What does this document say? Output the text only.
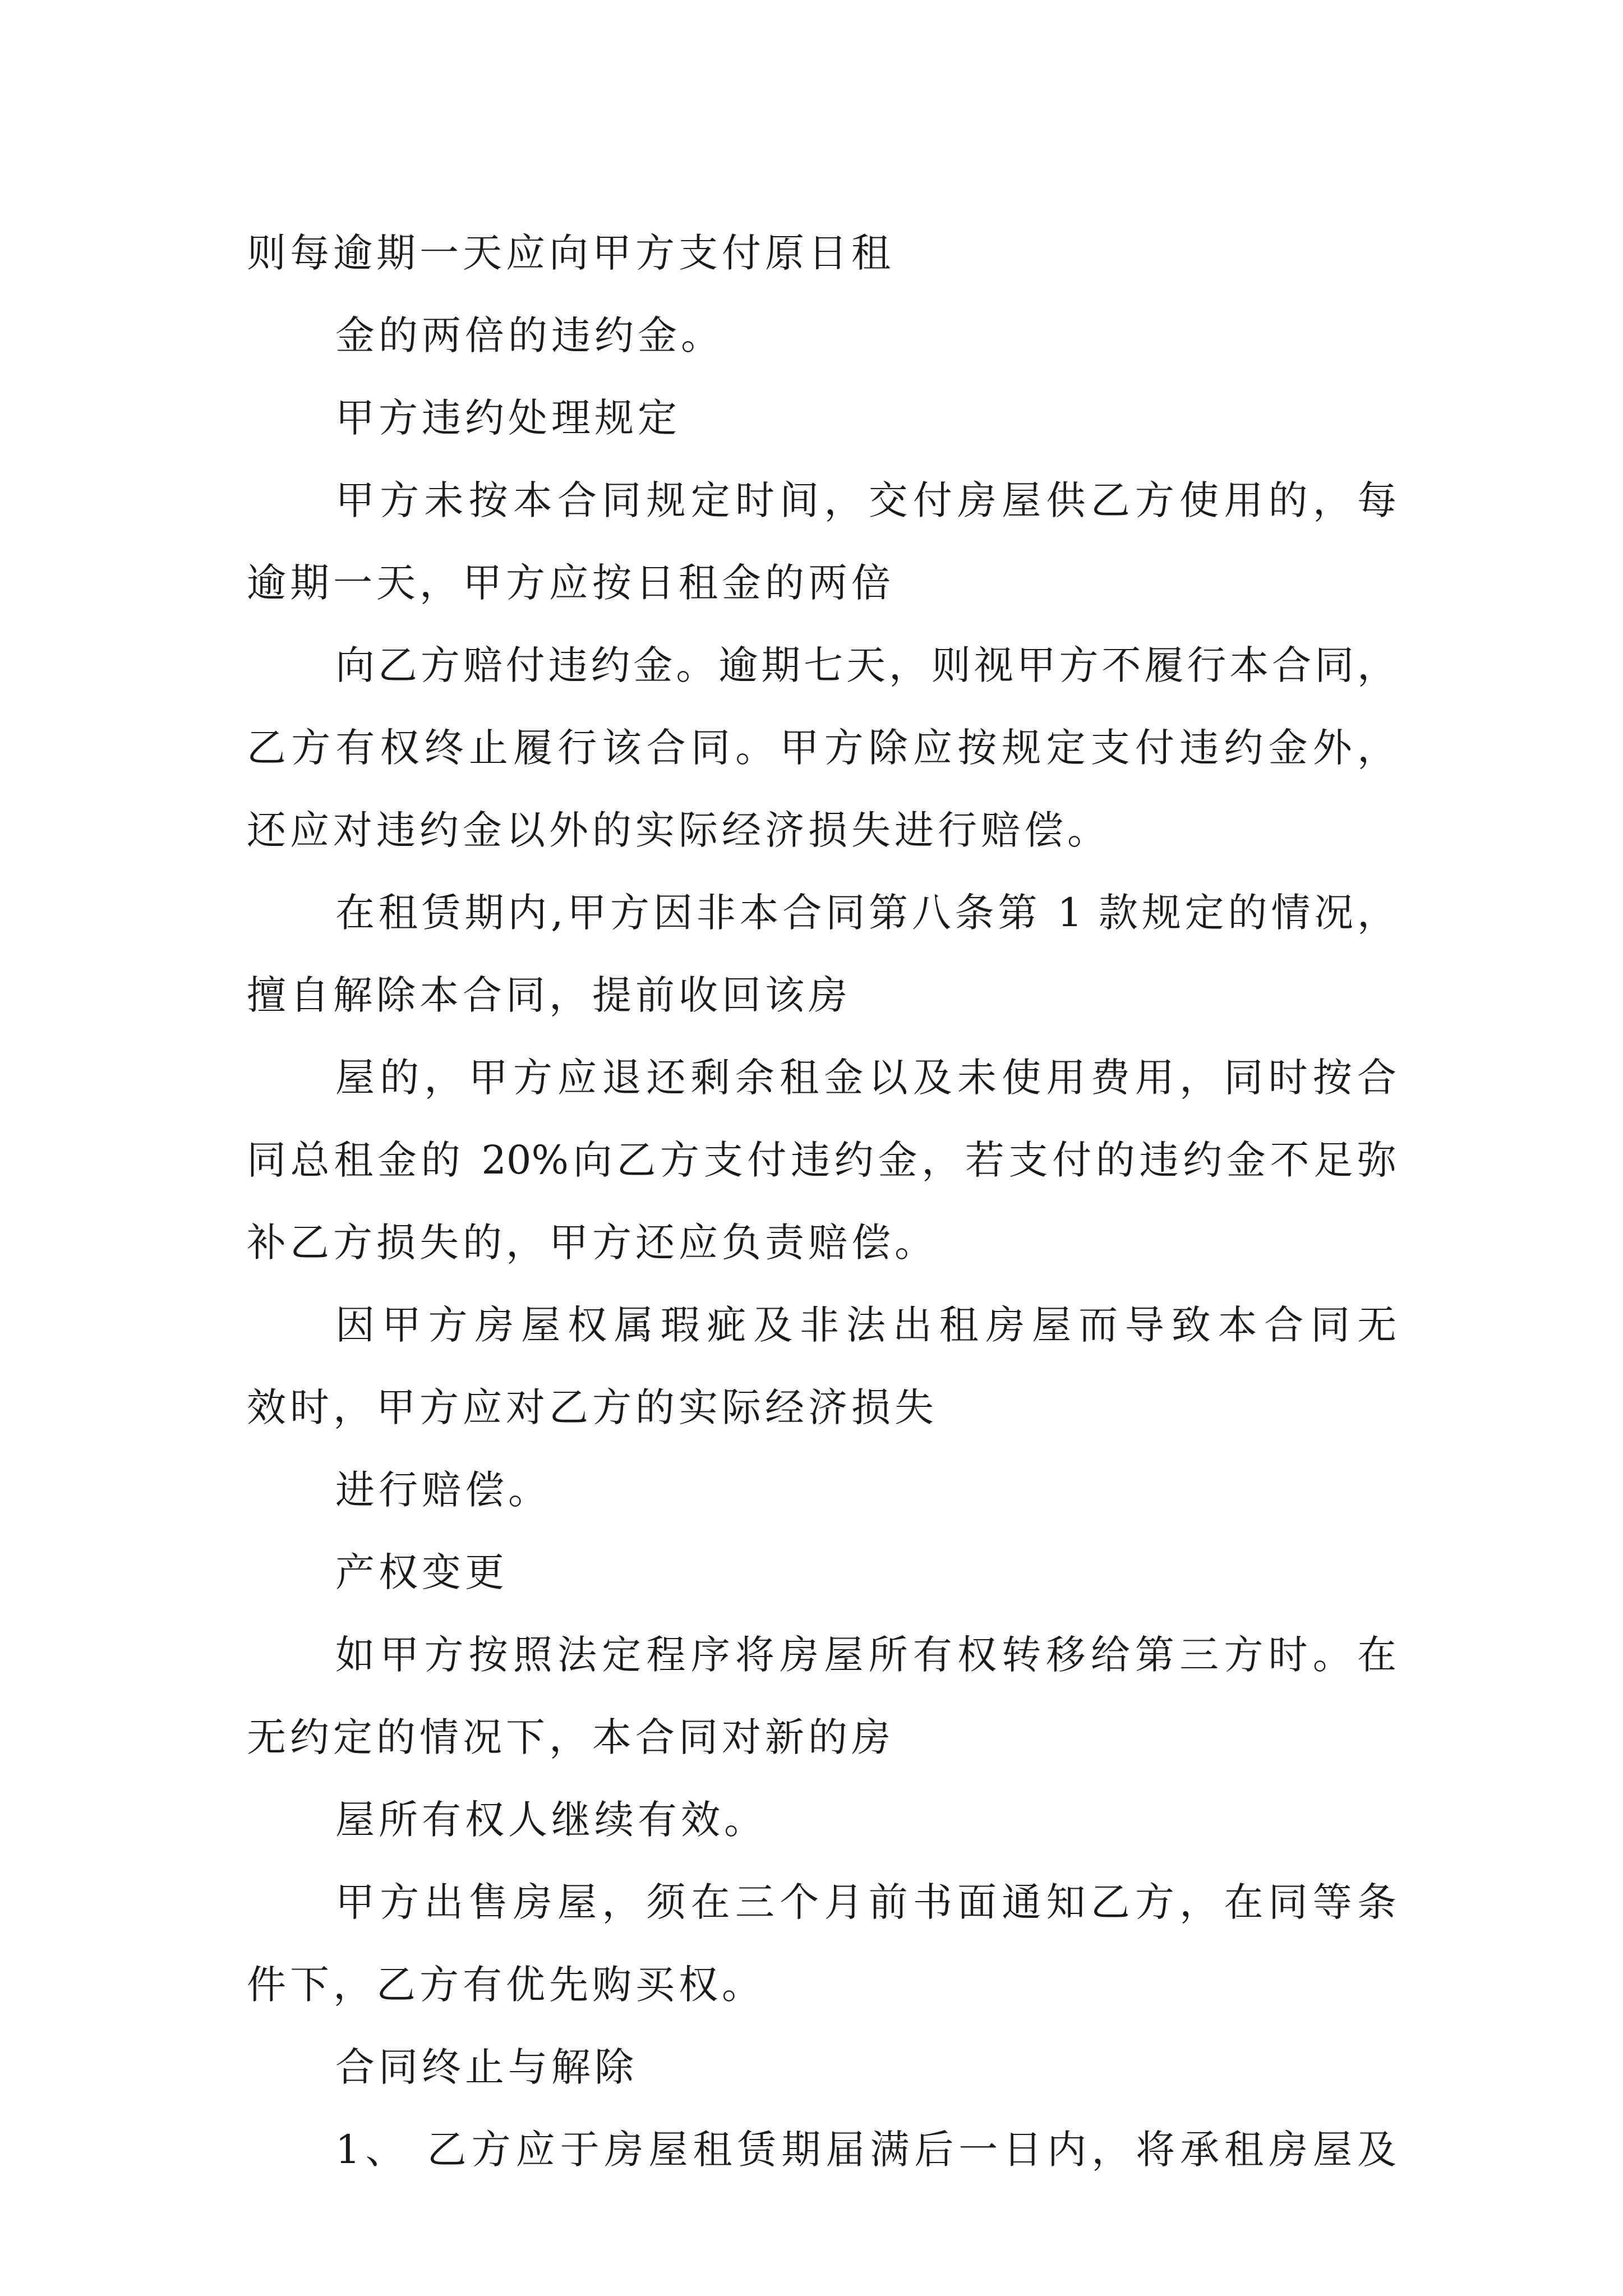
则每逾期一天应向甲方支付原日租
金的两倍的违约金。
甲方违约处理规定
甲方未按本合同规定时间，交付房屋供乙方使用的，每
逾期一天，甲方应按日租金的两倍
向乙方赔付违约金。逾期七天，则视甲方不履行本合同，
乙方有权终止履行该合同。甲方除应按规定支付违约金外，
还应对违约金以外的实际经济损失进行赔偿。
在租赁期内,甲方因非本合同第八条第 1 款规定的情况，
擅自解除本合同，提前收回该房
屋的，甲方应退还剩余租金以及未使用费用，同时按合
同总租金的 20%向乙方支付违约金，若支付的违约金不足弥
补乙方损失的，甲方还应负责赔偿。
因甲方房屋权属瑕疵及非法出租房屋而导致本合同无
效时，甲方应对乙方的实际经济损失
进行赔偿。
产权变更
如甲方按照法定程序将房屋所有权转移给第三方时。在
无约定的情况下，本合同对新的房
屋所有权人继续有效。
甲方出售房屋，须在三个月前书面通知乙方，在同等条
件下，乙方有优先购买权。
合同终止与解除
1、 乙方应于房屋租赁期届满后一日内，将承租房屋及
